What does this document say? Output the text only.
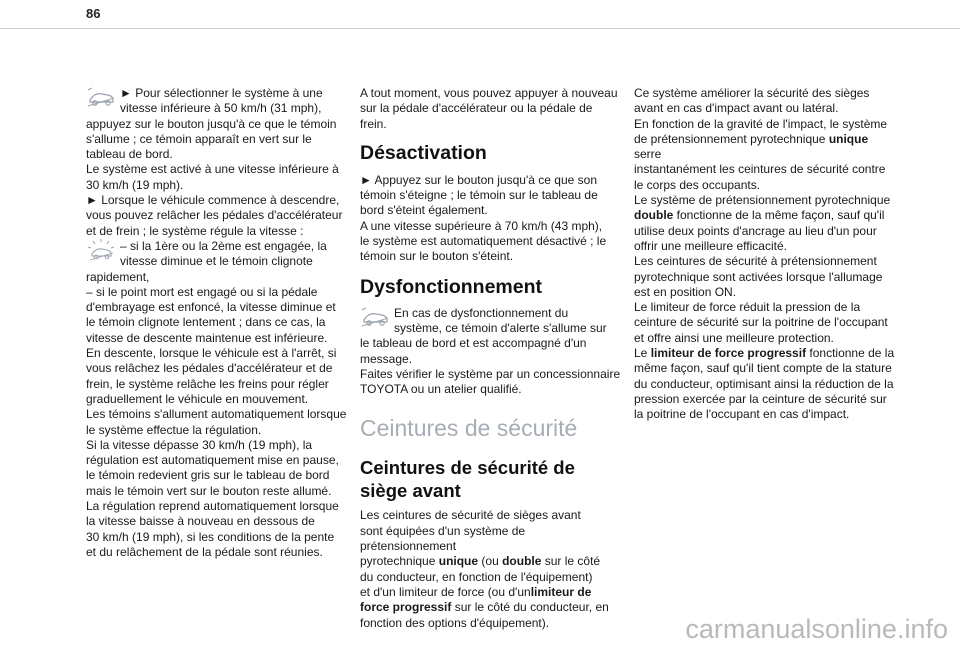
86

► Pour sélectionner le système à une

vitesse inférieure à 50 km/h (31 mph),

appuyez sur le bouton jusqu'à ce que le témoin

s'allume ; ce témoin apparaît en vert sur le

tableau de bord.

Le système est activé à une vitesse inférieure à

30 km/h (19 mph).

► Lorsque le véhicule commence à descendre,

vous pouvez relâcher les pédales d'accélérateur

et de frein ; le système régule la vitesse :

– si la 1ère ou la 2ème est engagée, la

vitesse diminue et le témoin clignote

rapidement,

– si le point mort est engagé ou si la pédale

d'embrayage est enfoncé, la vitesse diminue et

le témoin clignote lentement ; dans ce cas, la

vitesse de descente maintenue est inférieure.

En descente, lorsque le véhicule est à l'arrêt, si

vous relâchez les pédales d'accélérateur et de

frein, le système relâche les freins pour régler

graduellement le véhicule en mouvement.

Les témoins s'allument automatiquement lorsque

le système effectue la régulation.

Si la vitesse dépasse 30 km/h (19 mph), la

régulation est automatiquement mise en pause,

le témoin redevient gris sur le tableau de bord

mais le témoin vert sur le bouton reste allumé.

La régulation reprend automatiquement lorsque

la vitesse baisse à nouveau en dessous de

30 km/h (19 mph), si les conditions de la pente

et du relâchement de la pédale sont réunies.

A tout moment, vous pouvez appuyer à nouveau

sur la pédale d'accélérateur ou la pédale de

frein.

Désactivation

► Appuyez sur le bouton jusqu'à ce que son

témoin s'éteigne ; le témoin sur le tableau de

bord s'éteint également.

A une vitesse supérieure à 70 km/h (43 mph),

le système est automatiquement désactivé ; le

témoin sur le bouton s'éteint.

Dysfonctionnement

En cas de dysfonctionnement du

système, ce témoin d'alerte s'allume sur

le tableau de bord et est accompagné d'un

message.

Faites vérifier le système par un concessionnaire

TOYOTA ou un atelier qualifié.

Ceintures de sécurité
Ceintures de sécurité de
siège avant

Les ceintures de sécurité de sièges avant

sont équipées d'un système de prétensionnement

pyrotechnique unique (ou double sur le côté

du conducteur, en fonction de l'équipement)

et d'un limiteur de force (ou d'unlimiteur de

force progressif sur le côté du conducteur, en

fonction des options d'équipement).

Ce système améliorer la sécurité des sièges

avant en cas d'impact avant ou latéral.

En fonction de la gravité de l'impact, le système

de prétensionnement pyrotechnique unique serre

instantanément les ceintures de sécurité contre

le corps des occupants.

Le système de prétensionnement pyrotechnique

double fonctionne de la même façon, sauf qu'il

utilise deux points d'ancrage au lieu d'un pour

offrir une meilleure efficacité.

Les ceintures de sécurité à prétensionnement

pyrotechnique sont activées lorsque l'allumage

est en position ON.

Le limiteur de force réduit la pression de la

ceinture de sécurité sur la poitrine de l'occupant

et offre ainsi une meilleure protection.

Le limiteur de force progressif fonctionne de la

même façon, sauf qu'il tient compte de la stature

du conducteur, optimisant ainsi la réduction de la

pression exercée par la ceinture de sécurité sur

la poitrine de l'occupant en cas d'impact.

carmanualsonline.info
